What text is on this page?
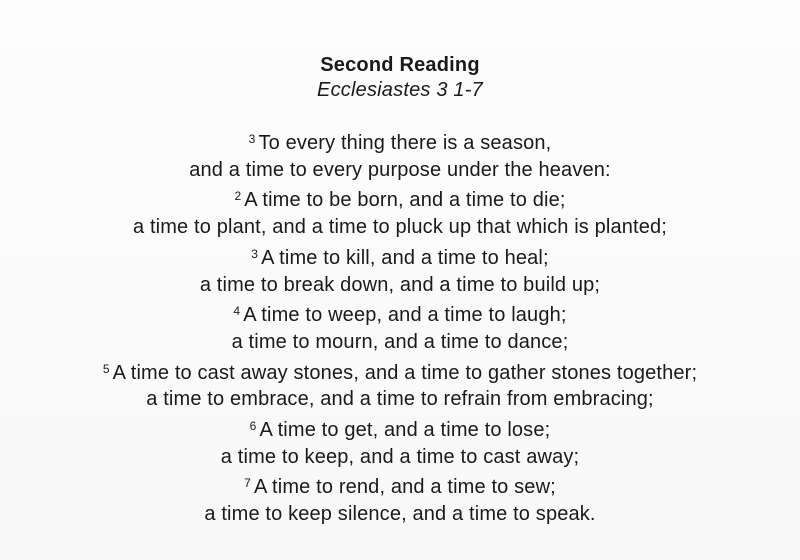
Second Reading
Ecclesiastes 3 1-7
$^3$ To every thing there is a season,
and a time to every purpose under the heaven:
$^2$ A time to be born, and a time to die;
a time to plant, and a time to pluck up that which is planted;
$^3$ A time to kill, and a time to heal;
a time to break down, and a time to build up;
$^4$ A time to weep, and a time to laugh;
a time to mourn, and a time to dance;
$^5$ A time to cast away stones, and a time to gather stones together;
a time to embrace, and a time to refrain from embracing;
$^6$ A time to get, and a time to lose;
a time to keep, and a time to cast away;
$^7$ A time to rend, and a time to sew;
a time to keep silence, and a time to speak.
